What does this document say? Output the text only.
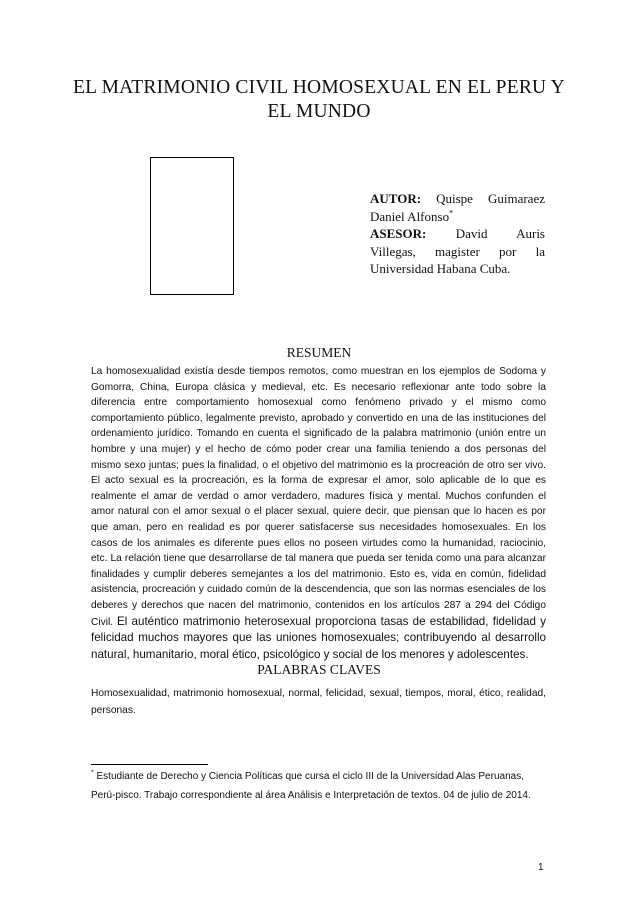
EL MATRIMONIO CIVIL HOMOSEXUAL EN EL PERU Y EL MUNDO
AUTOR: Quispe Guimaraez
Daniel Alfonso*
ASESOR: David Auris
Villegas, magister por la
Universidad Habana Cuba.
RESUMEN

La homosexualidad existía desde tiempos remotos, como muestran en los ejemplos de Sodoma y Gomorra, China, Europa clásica y medieval, etc. Es necesario reflexionar ante todo sobre la diferencia entre comportamiento homosexual como fenómeno privado y el mismo como comportamiento público, legalmente previsto, aprobado y convertido en una de las instituciones del ordenamiento jurídico. Tomando en cuenta el significado de la palabra matrimonio (unión entre un hombre y una mujer) y el hecho de cómo poder crear una familia teniendo a dos personas del mismo sexo juntas; pues la finalidad, o el objetivo del matrimonio es la procreación de otro ser vivo. El acto sexual es la procreación, es la forma de expresar el amor, solo aplicable de lo que es realmente el amar de verdad o amor verdadero, madures física y mental. Muchos confunden el amor natural con el amor sexual o el placer sexual, quiere decir, que piensan que lo hacen es por que aman, pero en realidad es por querer satisfacerse sus necesidades homosexuales. En los casos de los animales es diferente pues ellos no poseen virtudes como la humanidad, raciocinio, etc. La relación tiene que desarrollarse de tal manera que pueda ser tenida como una para alcanzar finalidades y cumplir deberes semejantes a los del matrimonio. Esto es, vida en común, fidelidad asistencia, procreación y cuidado común de la descendencia, que son las normas esenciales de los deberes y derechos que nacen del matrimonio, contenidos en los artículos 287 a 294 del Código Civil. El auténtico matrimonio heterosexual proporciona tasas de estabilidad, fidelidad y felicidad muchos mayores que las uniones homosexuales; contribuyendo al desarrollo natural, humanitario, moral ético, psicológico y social de los menores y adolescentes.

PALABRAS CLAVES

Homosexualidad, matrimonio homosexual, normal, felicidad, sexual, tiempos, moral, ético, realidad, personas.

* Estudiante de Derecho y Ciencia Políticas que cursa el ciclo III de la Universidad Alas Peruanas, Perú-pisco. Trabajo correspondiente al área Análisis e Interpretación de textos. 04 de julio de 2014.

1
